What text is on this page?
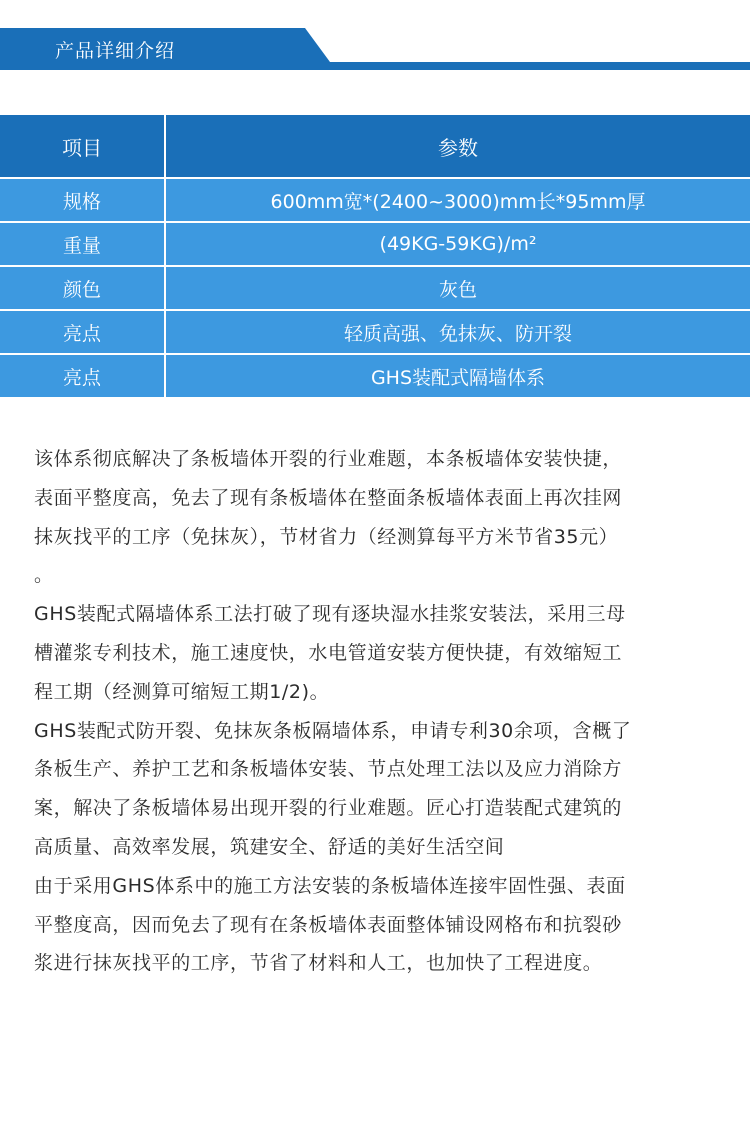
产品详细介绍
项目	参数
规格	600mm宽*(2400~3000)mm长*95mm厚
重量	(49KG-59KG)/m²
颜色	灰色
亮点	轻质高强、免抹灰、防开裂
亮点	GHS装配式隔墙体系

该体系彻底解决了条板墙体开裂的行业难题，本条板墙体安装快捷，
表面平整度高，免去了现有条板墙体在整面条板墙体表面上再次挂网
抹灰找平的工序（免抹灰），节材省力（经测算每平方米节省35元）
。

GHS装配式隔墙体系工法打破了现有逐块湿水挂浆安装法，采用三母
槽灌浆专利技术，施工速度快，水电管道安装方便快捷，有效缩短工
程工期（经测算可缩短工期1/2)。

GHS装配式防开裂、免抹灰条板隔墙体系，申请专利30余项，含概了
条板生产、养护工艺和条板墙体安装、节点处理工法以及应力消除方
案，解决了条板墙体易出现开裂的行业难题。匠心打造装配式建筑的
高质量、高效率发展，筑建安全、舒适的美好生活空间

由于采用GHS体系中的施工方法安装的条板墙体连接牢固性强、表面
平整度高，因而免去了现有在条板墙体表面整体铺设网格布和抗裂砂
浆进行抹灰找平的工序，节省了材料和人工，也加快了工程进度。
